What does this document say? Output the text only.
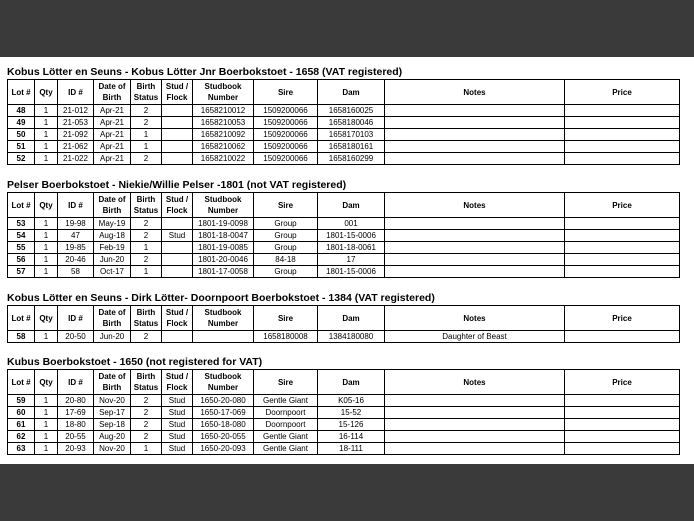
Kobus Lötter en Seuns - Kobus Lötter Jnr Boerbokstoet - 1658 (VAT registered)
Lot #	Qty	ID #	Date of Birth	Birth Status	Stud / Flock	Studbook Number	Sire	Dam	Notes	Price
48	1	21-012	Apr-21	2		1658210012	1509200066	1658160025		
49	1	21-053	Apr-21	2		1658210053	1509200066	1658180046		
50	1	21-092	Apr-21	1		1658210092	1509200066	1658170103		
51	1	21-062	Apr-21	1		1658210062	1509200066	1658180161		
52	1	21-022	Apr-21	2		1658210022	1509200066	1658160299		
Pelser Boerbokstoet - Niekie/Willie Pelser -1801 (not VAT registered)
Lot #	Qty	ID #	Date of Birth	Birth Status	Stud / Flock	Studbook Number	Sire	Dam	Notes	Price
53	1	19-98	May-19	2		1801-19-0098	Group	001		
54	1	47	Aug-18	2	Stud	1801-18-0047	Group	1801-15-0006		
55	1	19-85	Feb-19	1		1801-19-0085	Group	1801-18-0061		
56	1	20-46	Jun-20	2		1801-20-0046	84-18	17		
57	1	58	Oct-17	1		1801-17-0058	Group	1801-15-0006		
Kobus Lötter en Seuns - Dirk Lötter- Doornpoort Boerbokstoet - 1384 (VAT registered)
Lot #	Qty	ID #	Date of Birth	Birth Status	Stud / Flock	Studbook Number	Sire	Dam	Notes	Price
58	1	20-50	Jun-20	2			1658180008	1384180080	Daughter of Beast	
Kubus Boerbokstoet - 1650 (not registered for VAT)
Lot #	Qty	ID #	Date of Birth	Birth Status	Stud / Flock	Studbook Number	Sire	Dam	Notes	Price
59	1	20-80	Nov-20	2	Stud	1650-20-080	Gentle Giant	K05-16		
60	1	17-69	Sep-17	2	Stud	1650-17-069	Doornpoort	15-52		
61	1	18-80	Sep-18	2	Stud	1650-18-080	Doornpoort	15-126		
62	1	20-55	Aug-20	2	Stud	1650-20-055	Gentle Giant	16-114		
63	1	20-93	Nov-20	1	Stud	1650-20-093	Gentle Giant	18-111		
